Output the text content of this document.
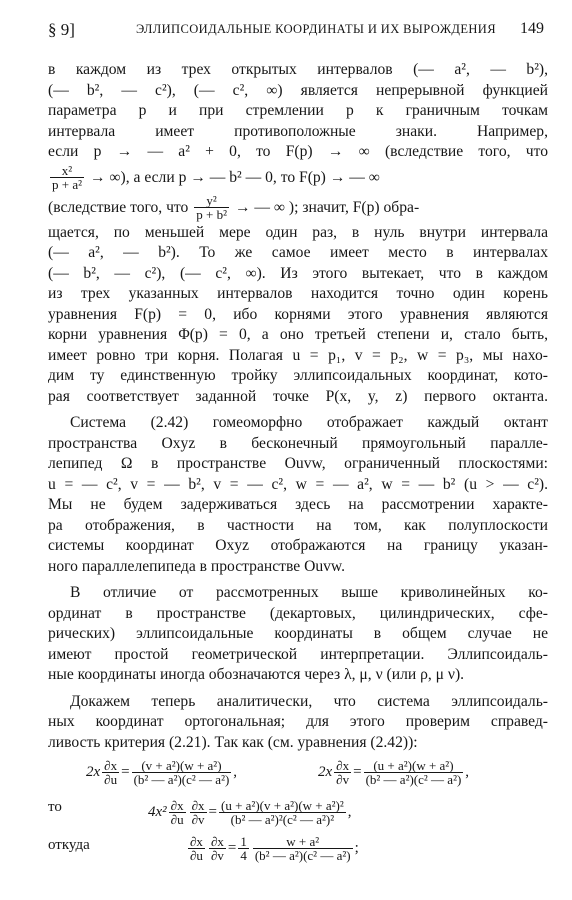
§ 9]	ЭЛЛИПСОИДАЛЬНЫЕ КООРДИНАТЫ И ИХ ВЫРОЖДЕНИЯ 149
в каждом из трех открытых интервалов (— a², — b²),
(— b², — c²), (— c², ∞) является непрерывной функцией
параметра p и при стремлении p к граничным точкам
интервала имеет противоположные знаки. Например,
если p → — a² + 0, то F(p) → ∞ (вследствие того, что
$\frac{\text{x²}}{\text{p + a²}}$ → ∞), а если p → — b² — 0, то F(p) → — ∞
(вследствие того, что $\frac{\text{y²}}{\text{p + b²}}$ → — ∞ ); значит, F(p) обра-
щается, по меньшей мере один раз, в нуль внутри интервала
(— a², — b²). То же самое имеет место в интервалах
(— b², — c²), (— c², ∞). Из этого вытекает, что в каждом
из трех указанных интервалов находится точно один корень
уравнения F(p) = 0, ибо корнями этого уравнения являются
корни уравнения Φ(p) = 0, а оно третьей степени и, стало быть,
имеет ровно три корня. Полагая u = p₁, v = p₂, w = p₃, мы нахо-
дим ту единственную тройку эллипсоидальных координат, кото-
рая соответствует заданной точке P(x, y, z) первого октанта.
Система (2.42) гомеоморфно отображает каждый октант
пространства Oxyz в бесконечный прямоугольный паралле-
лепипед Ω в пространстве Ouvw, ограниченный плоскостями:
u = — c², v = — b², v = — c², w = — a², w = — b² (u > — c²).
Мы не будем задерживаться здесь на рассмотрении характе-
ра отображения, в частности на том, как полуплоскости
системы координат Oxyz отображаются на границу указан-
ного параллелепипеда в пространстве Ouvw.
В отличие от рассмотренных выше криволинейных ко-
ординат в пространстве (декартовых, цилиндрических, сфе-
рических) эллипсоидальные координаты в общем случае не
имеют простой геометрической интерпретации. Эллипсоидаль-
ные координаты иногда обозначаются через λ, μ, ν (или ρ, μ ν).
Докажем теперь аналитически, что система эллипсоидаль-
ных координат ортогональная; для этого проверим справед-
ливость критерия (2.21). Так как (см. уравнения (2.42)):
$2x \frac{\partial x}{\partial u} = \frac{\text{(v + a²)(w + a²)}}{\text{(b² — a²)(c² — a²)}}$ ,	$2x \frac{\partial x}{\partial v} = \frac{\text{(u + a²)(w + a²)}}{\text{(b² — a²)(c² — a²)}}$ ,
то	$4x^2 \frac{\partial x}{\partial u} \frac{\partial x}{\partial v} = \frac{\text{(u + a²)(v + a²)(w + a²)²}}{\text{(b² — a²)²(c² — a²)²}}$ ,
откуда	$\frac{\partial x}{\partial u} \frac{\partial x}{\partial v} = \frac{1}{4} \frac{\text{w + a²}}{\text{(b² — a²)(c² — a²)}}$ ;
